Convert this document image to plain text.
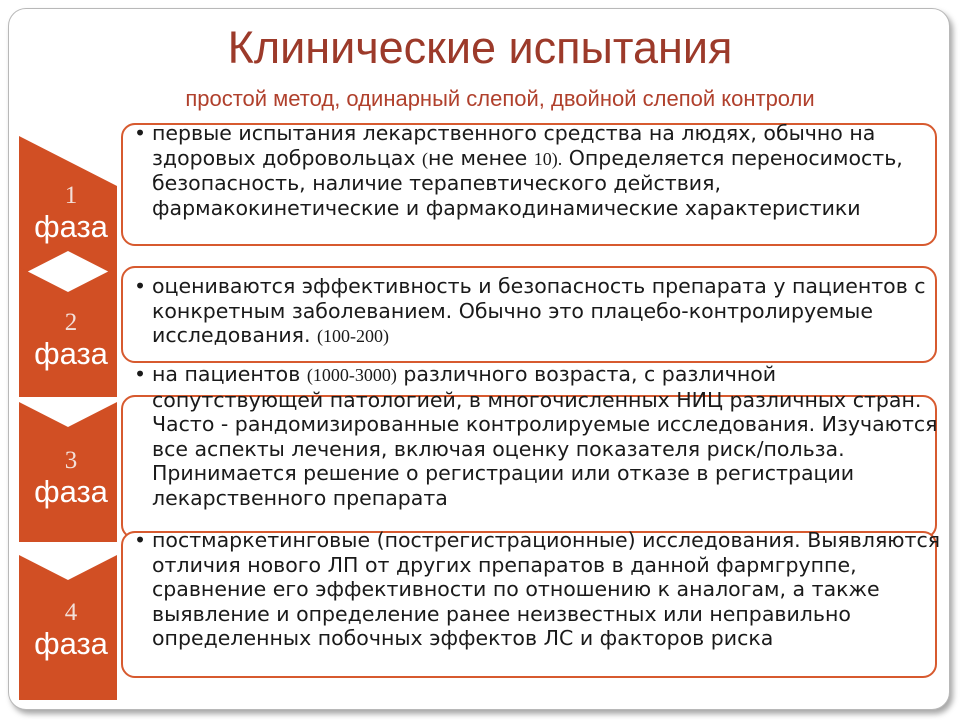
Клинические испытания
простой метод, одинарный слепой, двойной слепой контроли
1
фаза
• первые испытания лекарственного средства на людях, обычно на здоровых добровольцах (не менее 10). Определяется переносимость, безопасность, наличие терапевтического действия, фармакокинетические и фармакодинамические характеристики
2
фаза
• оцениваются эффективность и безопасность препарата у пациентов с конкретным заболеванием. Обычно это плацебо-контролируемые исследования. (100-200)
3
фаза
• на пациентов (1000-3000) различного возраста, с различной сопутствующей патологией, в многочисленных НИЦ различных стран. Часто - рандомизированные контролируемые исследования. Изучаются все аспекты лечения, включая оценку показателя риск/польза. Принимается решение о регистрации или отказе в регистрации лекарственного препарата
4
фаза
• постмаркетинговые (пострегистрационные) исследования. Выявляются отличия нового ЛП от других препаратов в данной фармгруппе, сравнение его эффективности по отношению к аналогам, а также выявление и определение ранее неизвестных или неправильно определенных побочных эффектов ЛС и факторов риска
